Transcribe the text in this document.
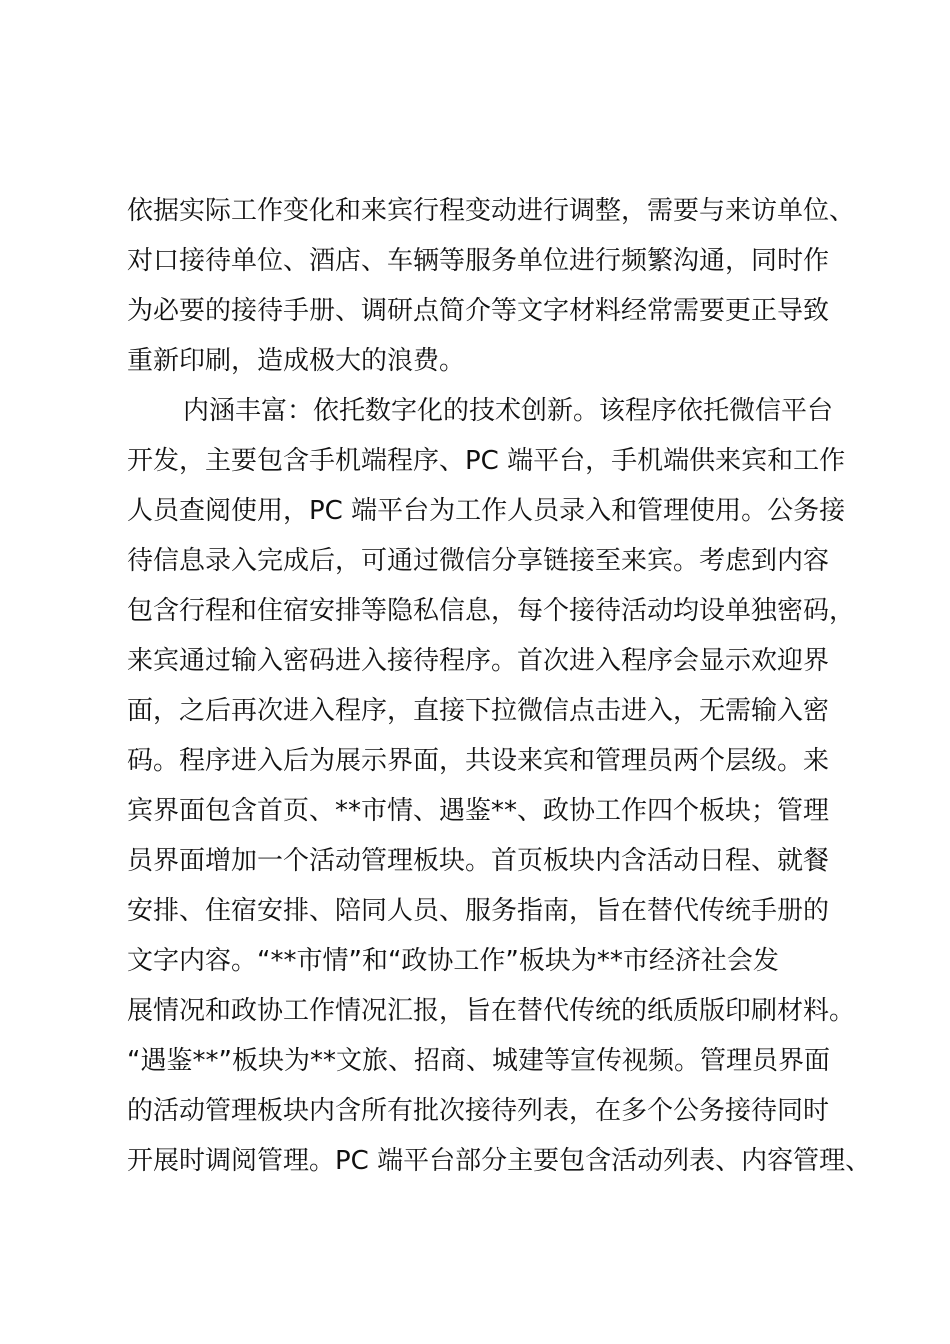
依据实际工作变化和来宾行程变动进行调整，需要与来访单位、
对口接待单位、酒店、车辆等服务单位进行频繁沟通，同时作
为必要的接待手册、调研点简介等文字材料经常需要更正导致
重新印刷，造成极大的浪费。
内涵丰富：依托数字化的技术创新。该程序依托微信平台
开发，主要包含手机端程序、PC 端平台，手机端供来宾和工作
人员查阅使用，PC 端平台为工作人员录入和管理使用。公务接
待信息录入完成后，可通过微信分享链接至来宾。考虑到内容
包含行程和住宿安排等隐私信息，每个接待活动均设单独密码，
来宾通过输入密码进入接待程序。首次进入程序会显示欢迎界
面，之后再次进入程序，直接下拉微信点击进入，无需输入密
码。程序进入后为展示界面，共设来宾和管理员两个层级。来
宾界面包含首页、**市情、遇鉴**、政协工作四个板块；管理
员界面增加一个活动管理板块。首页板块内含活动日程、就餐
安排、住宿安排、陪同人员、服务指南，旨在替代传统手册的
文字内容。“**市情”和“政协工作”板块为**市经济社会发
展情况和政协工作情况汇报，旨在替代传统的纸质版印刷材料。
“遇鉴**”板块为**文旅、招商、城建等宣传视频。管理员界面
的活动管理板块内含所有批次接待列表，在多个公务接待同时
开展时调阅管理。PC 端平台部分主要包含活动列表、内容管理、
